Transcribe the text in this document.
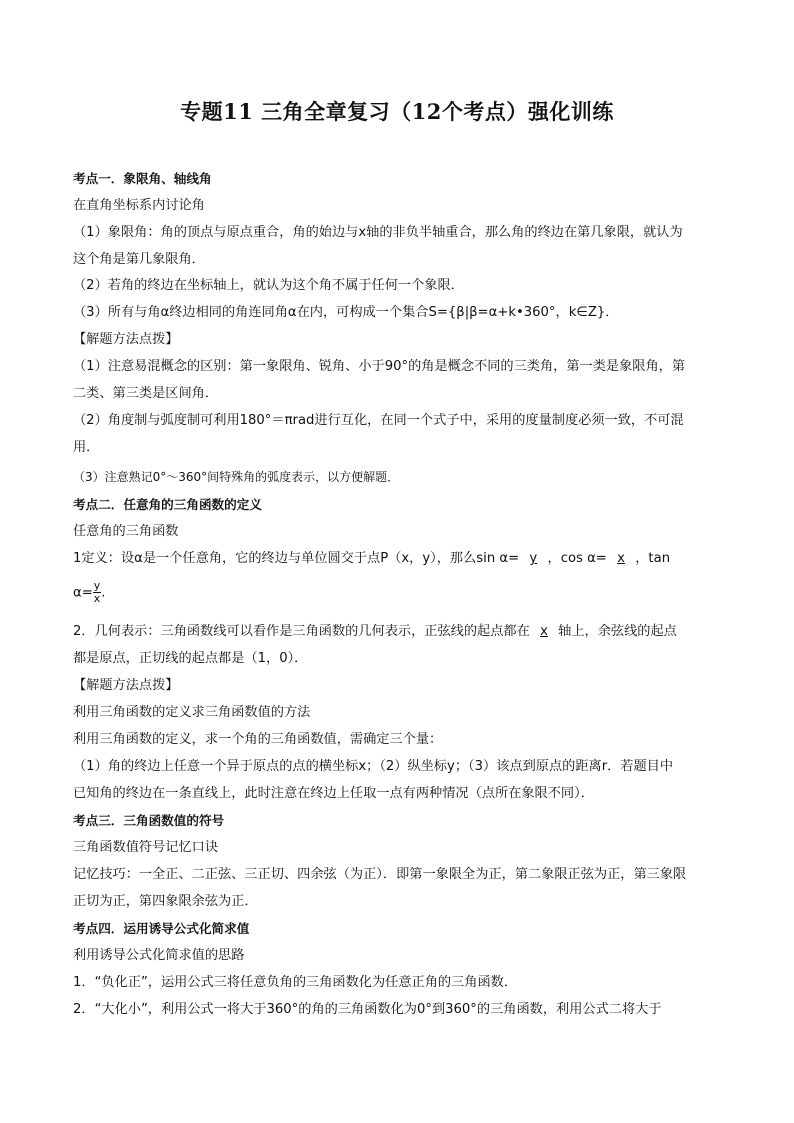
专题11 三角全章复习（12个考点）强化训练
考点一．象限角、轴线角
在直角坐标系内讨论角
（1）象限角：角的顶点与原点重合，角的始边与x轴的非负半轴重合，那么角的终边在第几象限，就认为
这个角是第几象限角．
（2）若角的终边在坐标轴上，就认为这个角不属于任何一个象限．
（3）所有与角α终边相同的角连同角α在内，可构成一个集合S={β|β=α+k•360°，k∈Z}．
【解题方法点拨】
（1）注意易混概念的区别：第一象限角、锐角、小于90°的角是概念不同的三类角，第一类是象限角，第
二类、第三类是区间角．
（2）角度制与弧度制可利用180°＝πrad进行互化，在同一个式子中，采用的度量制度必须一致，不可混
用．
（3）注意熟记0°～360°间特殊角的弧度表示，以方便解题．
考点二．任意角的三角函数的定义
任意角的三角函数
1定义：设α是一个任意角，它的终边与单位圆交于点P（x，y），那么sin α= y ，cos α= x ，tan
$\alpha= \frac{y}{x}$ .
2．几何表示：三角函数线可以看作是三角函数的几何表示，正弦线的起点都在 x 轴上，余弦线的起点
都是原点，正切线的起点都是（1，0）．
【解题方法点拨】
利用三角函数的定义求三角函数值的方法
利用三角函数的定义，求一个角的三角函数值，需确定三个量：
（1）角的终边上任意一个异于原点的点的横坐标x；（2）纵坐标y；（3）该点到原点的距离r．若题目中
已知角的终边在一条直线上，此时注意在终边上任取一点有两种情况（点所在象限不同）．
考点三．三角函数值的符号
三角函数值符号记忆口诀
记忆技巧：一全正、二正弦、三正切、四余弦（为正）．即第一象限全为正，第二象限正弦为正，第三象限
正切为正，第四象限余弦为正．
考点四．运用诱导公式化简求值
利用诱导公式化简求值的思路
1．“负化正”，运用公式三将任意负角的三角函数化为任意正角的三角函数．
2．“大化小”，利用公式一将大于360°的角的三角函数化为0°到360°的三角函数，利用公式二将大于
